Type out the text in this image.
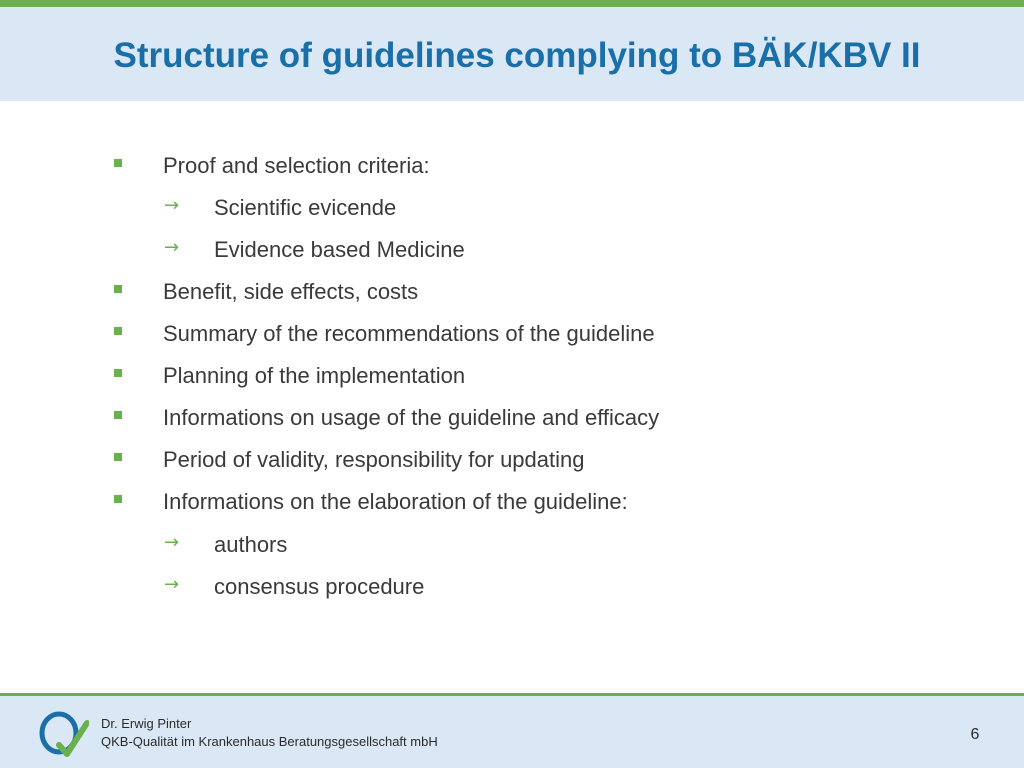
Structure of guidelines complying to BÄK/KBV II
Proof and selection criteria:
→ Scientific evicende
→ Evidence based Medicine
Benefit, side effects, costs
Summary of the recommendations of the guideline
Planning of the implementation
Informations on usage of the guideline and efficacy
Period of validity, responsibility for updating
Informations on the elaboration of the guideline:
→ authors
→ consensus procedure
Dr. Erwig Pinter
QKB-Qualität im Krankenhaus Beratungsgesellschaft mbH	6
